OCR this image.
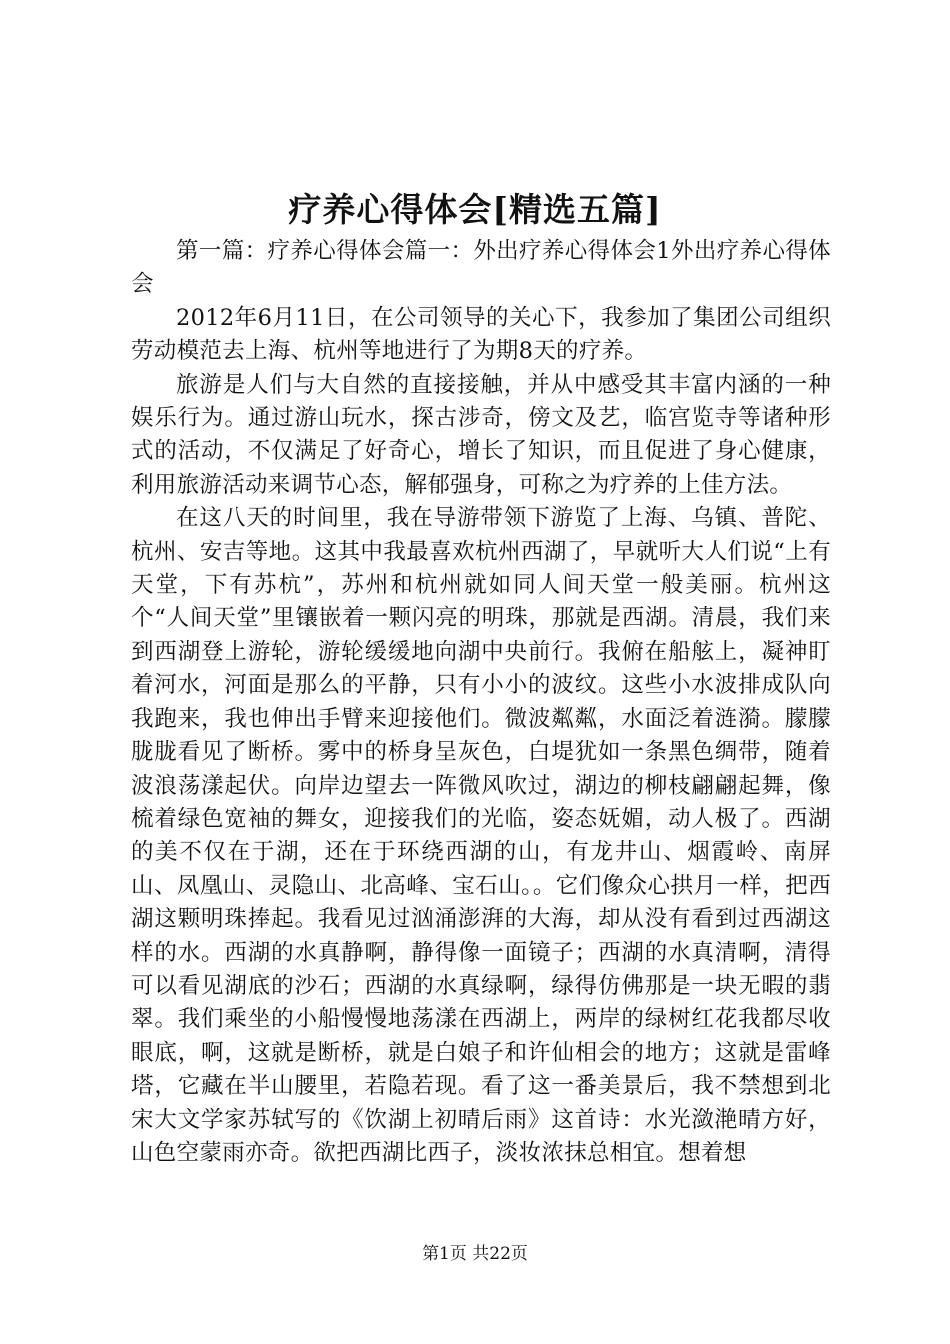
疗养心得体会[精选五篇]

第一篇：疗养心得体会篇一：外出疗养心得体会1外出疗养心得体会

2012年6月11日，在公司领导的关心下，我参加了集团公司组织劳动模范去上海、杭州等地进行了为期8天的疗养。

旅游是人们与大自然的直接接触，并从中感受其丰富内涵的一种娱乐行为。通过游山玩水，探古涉奇，傍文及艺，临宫览寺等诸种形式的活动，不仅满足了好奇心，增长了知识，而且促进了身心健康，利用旅游活动来调节心态，解郁强身，可称之为疗养的上佳方法。

在这八天的时间里，我在导游带领下游览了上海、乌镇、普陀、杭州、安吉等地。这其中我最喜欢杭州西湖了，早就听大人们说“上有天堂，下有苏杭”，苏州和杭州就如同人间天堂一般美丽。杭州这个“人间天堂”里镶嵌着一颗闪亮的明珠，那就是西湖。清晨，我们来到西湖登上游轮，游轮缓缓地向湖中央前行。我俯在船舷上，凝神盯着河水，河面是那么的平静，只有小小的波纹。这些小水波排成队向我跑来，我也伸出手臂来迎接他们。微波粼粼，水面泛着涟漪。朦朦胧胧看见了断桥。雾中的桥身呈灰色，白堤犹如一条黑色绸带，随着波浪荡漾起伏。向岸边望去一阵微风吹过，湖边的柳枝翩翩起舞，像梳着绿色宽袖的舞女，迎接我们的光临，姿态妩媚，动人极了。西湖的美不仅在于湖，还在于环绕西湖的山，有龙井山、烟霞岭、南屏山、凤凰山、灵隐山、北高峰、宝石山。。它们像众心拱月一样，把西湖这颗明珠捧起。我看见过汹涌澎湃的大海，却从没有看到过西湖这样的水。西湖的水真静啊，静得像一面镜子；西湖的水真清啊，清得可以看见湖底的沙石；西湖的水真绿啊，绿得仿佛那是一块无暇的翡翠。我们乘坐的小船慢慢地荡漾在西湖上，两岸的绿树红花我都尽收眼底，啊，这就是断桥，就是白娘子和许仙相会的地方；这就是雷峰塔，它藏在半山腰里，若隐若现。看了这一番美景后，我不禁想到北宋大文学家苏轼写的《饮湖上初晴后雨》这首诗：水光潋滟晴方好，山色空蒙雨亦奇。欲把西湖比西子，淡妆浓抹总相宜。想着想

第1页 共22页
